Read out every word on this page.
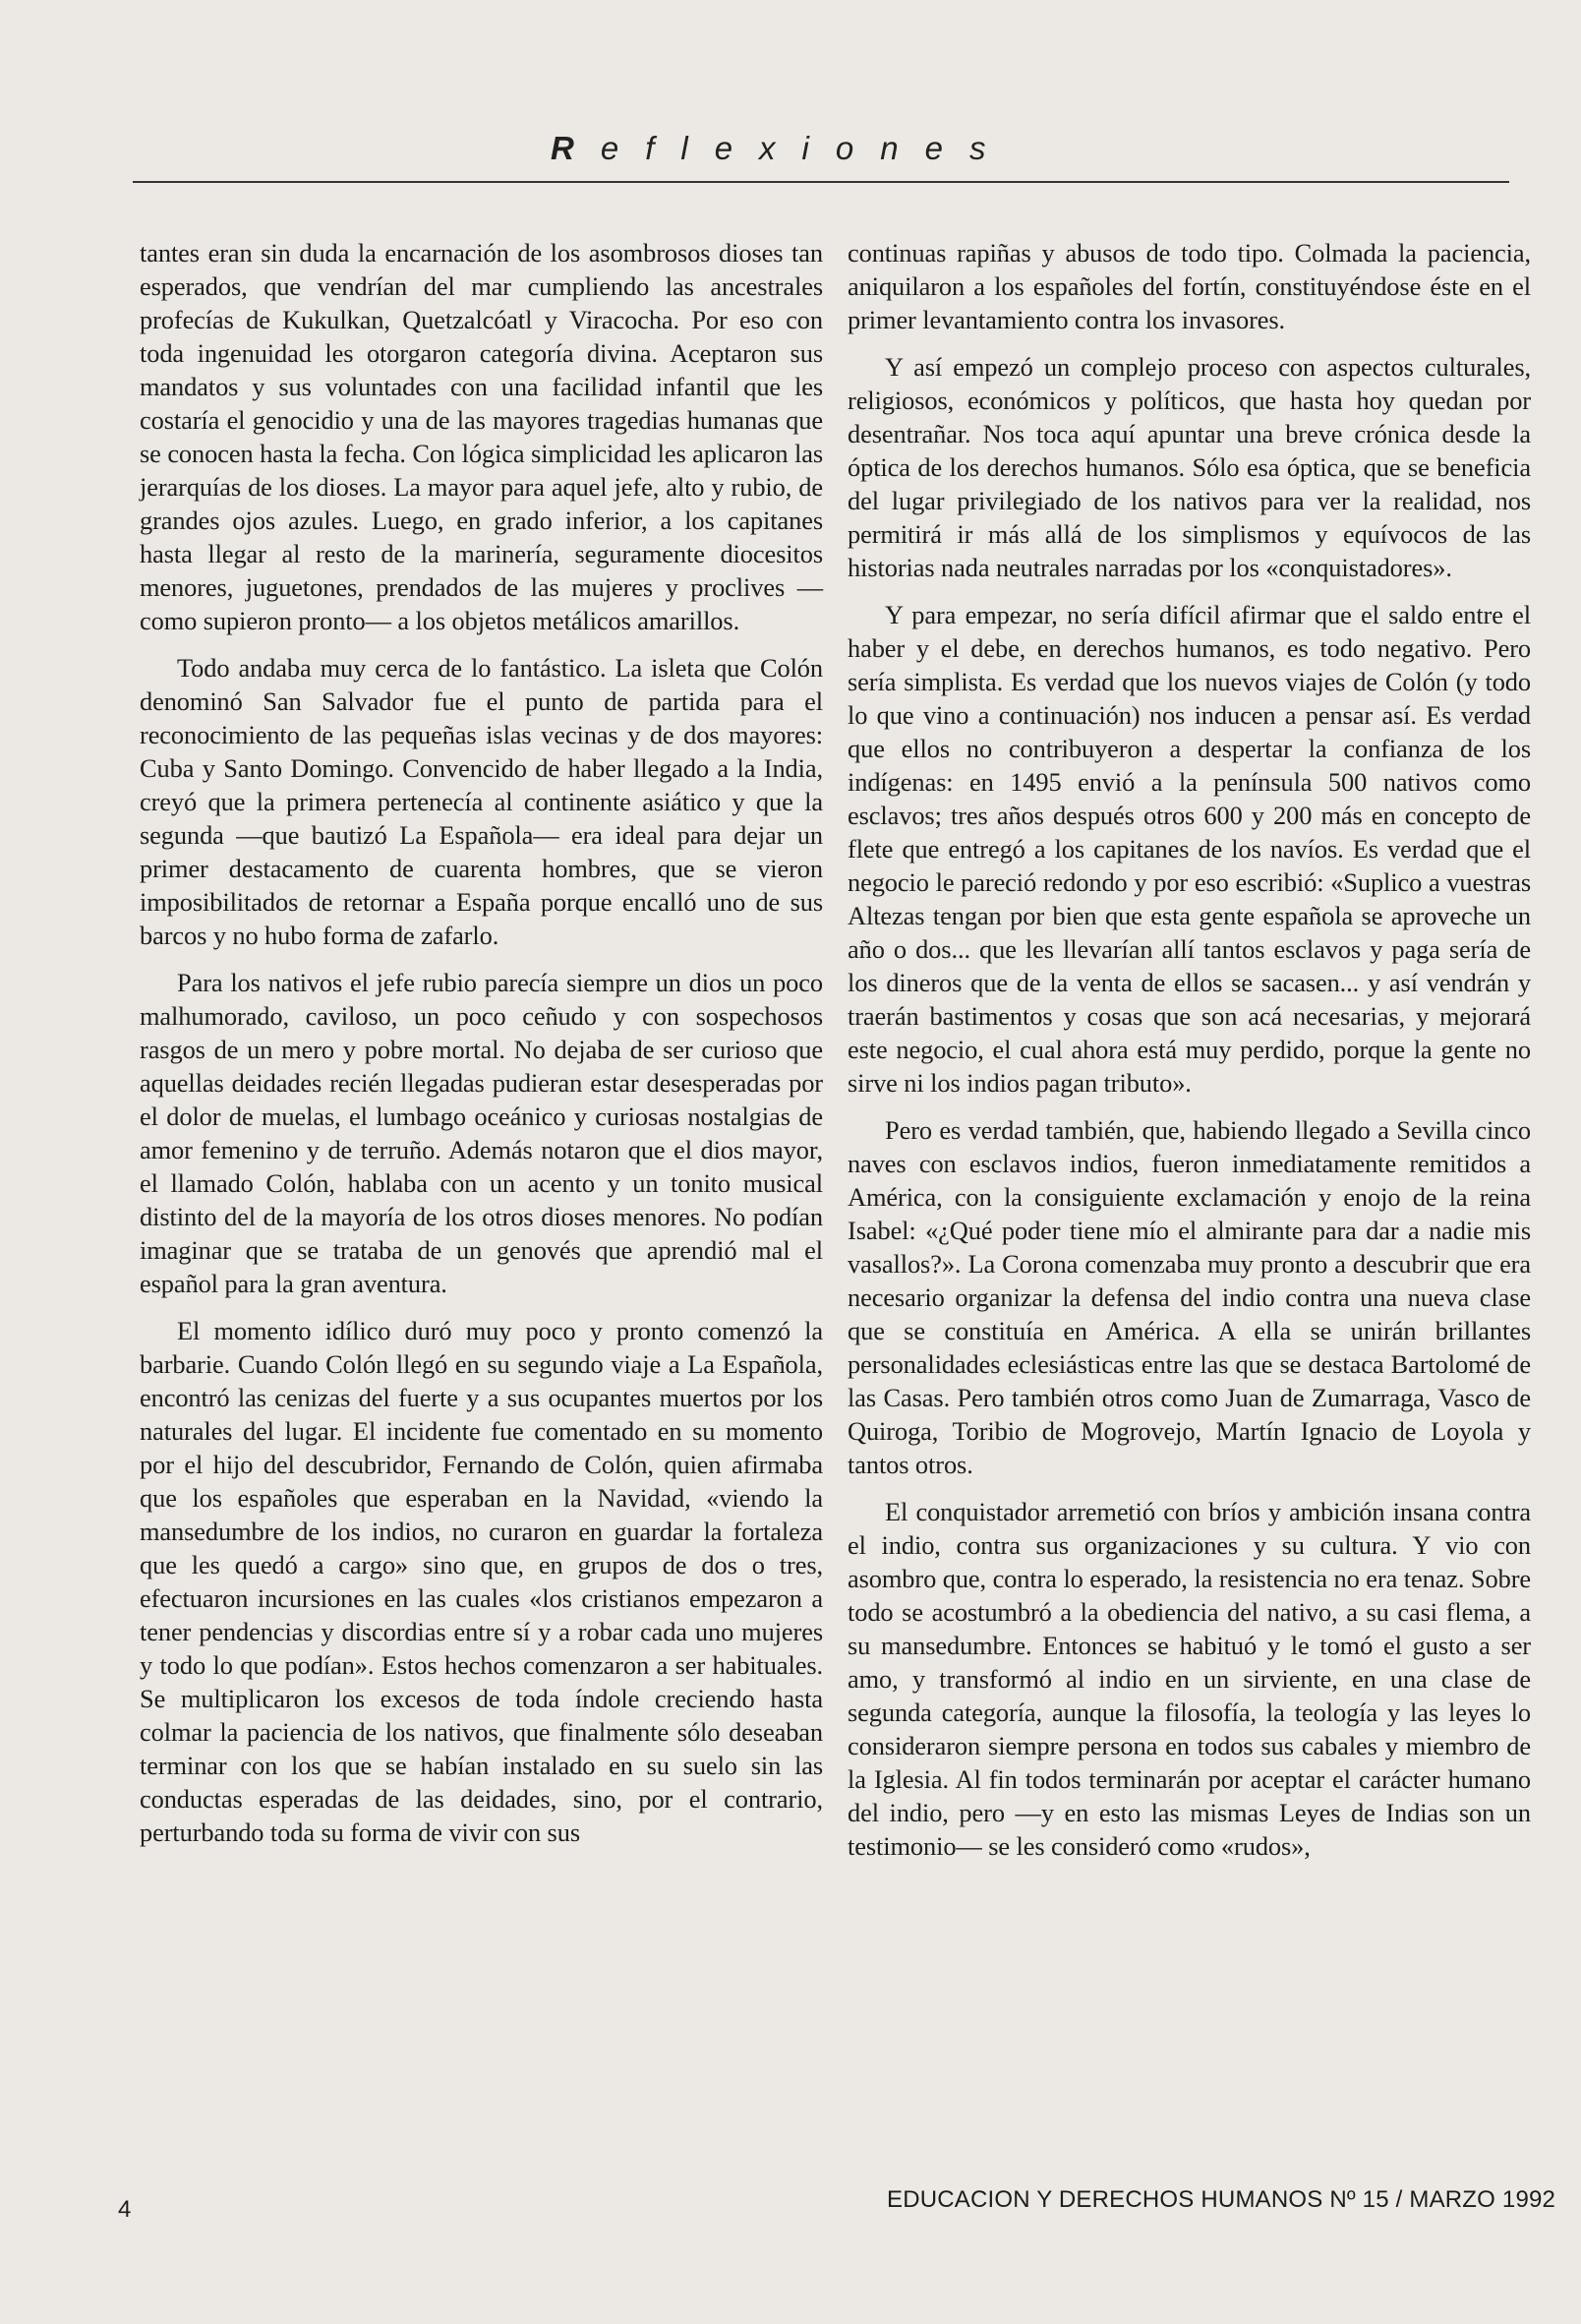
Reflexiones

tantes eran sin duda la encarnación de los asombrosos dioses tan esperados, que vendrían del mar cumpliendo las ancestrales profecías de Kukulkan, Quetzalcóatl y Viracocha. Por eso con toda ingenuidad les otorgaron categoría divina. Aceptaron sus mandatos y sus voluntades con una facilidad infantil que les costaría el genocidio y una de las mayores tragedias humanas que se conocen hasta la fecha. Con lógica simplicidad les aplicaron las jerarquías de los dioses. La mayor para aquel jefe, alto y rubio, de grandes ojos azules. Luego, en grado inferior, a los capitanes hasta llegar al resto de la marinería, seguramente diocesitos menores, juguetones, prendados de las mujeres y proclives —como supieron pronto— a los objetos metálicos amarillos.

Todo andaba muy cerca de lo fantástico. La isleta que Colón denominó San Salvador fue el punto de partida para el reconocimiento de las pequeñas islas vecinas y de dos mayores: Cuba y Santo Domingo. Convencido de haber llegado a la India, creyó que la primera pertenecía al continente asiático y que la segunda —que bautizó La Española— era ideal para dejar un primer destacamento de cuarenta hombres, que se vieron imposibilitados de retornar a España porque encalló uno de sus barcos y no hubo forma de zafarlo.

Para los nativos el jefe rubio parecía siempre un dios un poco malhumorado, caviloso, un poco ceñudo y con sospechosos rasgos de un mero y pobre mortal. No dejaba de ser curioso que aquellas deidades recién llegadas pudieran estar desesperadas por el dolor de muelas, el lumbago oceánico y curiosas nostalgias de amor femenino y de terruño. Además notaron que el dios mayor, el llamado Colón, hablaba con un acento y un tonito musical distinto del de la mayoría de los otros dioses menores. No podían imaginar que se trataba de un genovés que aprendió mal el español para la gran aventura.

El momento idílico duró muy poco y pronto comenzó la barbarie. Cuando Colón llegó en su segundo viaje a La Española, encontró las cenizas del fuerte y a sus ocupantes muertos por los naturales del lugar. El incidente fue comentado en su momento por el hijo del descubridor, Fernando de Colón, quien afirmaba que los españoles que esperaban en la Navidad, «viendo la mansedumbre de los indios, no curaron en guardar la fortaleza que les quedó a cargo» sino que, en grupos de dos o tres, efectuaron incursiones en las cuales «los cristianos empezaron a tener pendencias y discordias entre sí y a robar cada uno mujeres y todo lo que podían». Estos hechos comenzaron a ser habituales. Se multiplicaron los excesos de toda índole creciendo hasta colmar la paciencia de los nativos, que finalmente sólo deseaban terminar con los que se habían instalado en su suelo sin las conductas esperadas de las deidades, sino, por el contrario, perturbando toda su forma de vivir con sus

continuas rapiñas y abusos de todo tipo. Colmada la paciencia, aniquilaron a los españoles del fortín, constituyéndose éste en el primer levantamiento contra los invasores.

Y así empezó un complejo proceso con aspectos culturales, religiosos, económicos y políticos, que hasta hoy quedan por desentrañar. Nos toca aquí apuntar una breve crónica desde la óptica de los derechos humanos. Sólo esa óptica, que se beneficia del lugar privilegiado de los nativos para ver la realidad, nos permitirá ir más allá de los simplismos y equívocos de las historias nada neutrales narradas por los «conquistadores».

Y para empezar, no sería difícil afirmar que el saldo entre el haber y el debe, en derechos humanos, es todo negativo. Pero sería simplista. Es verdad que los nuevos viajes de Colón (y todo lo que vino a continuación) nos inducen a pensar así. Es verdad que ellos no contribuyeron a despertar la confianza de los indígenas: en 1495 envió a la península 500 nativos como esclavos; tres años después otros 600 y 200 más en concepto de flete que entregó a los capitanes de los navíos. Es verdad que el negocio le pareció redondo y por eso escribió: «Suplico a vuestras Altezas tengan por bien que esta gente española se aproveche un año o dos... que les llevarían allí tantos esclavos y paga sería de los dineros que de la venta de ellos se sacasen... y así vendrán y traerán bastimentos y cosas que son acá necesarias, y mejorará este negocio, el cual ahora está muy perdido, porque la gente no sirve ni los indios pagan tributo».

Pero es verdad también, que, habiendo llegado a Sevilla cinco naves con esclavos indios, fueron inmediatamente remitidos a América, con la consiguiente exclamación y enojo de la reina Isabel: «¿Qué poder tiene mío el almirante para dar a nadie mis vasallos?». La Corona comenzaba muy pronto a descubrir que era necesario organizar la defensa del indio contra una nueva clase que se constituía en América. A ella se unirán brillantes personalidades eclesiásticas entre las que se destaca Bartolomé de las Casas. Pero también otros como Juan de Zumarraga, Vasco de Quiroga, Toribio de Mogrovejo, Martín Ignacio de Loyola y tantos otros.

El conquistador arremetió con bríos y ambición insana contra el indio, contra sus organizaciones y su cultura. Y vio con asombro que, contra lo esperado, la resistencia no era tenaz. Sobre todo se acostumbró a la obediencia del nativo, a su casi flema, a su mansedumbre. Entonces se habituó y le tomó el gusto a ser amo, y transformó al indio en un sirviente, en una clase de segunda categoría, aunque la filosofía, la teología y las leyes lo consideraron siempre persona en todos sus cabales y miembro de la Iglesia. Al fin todos terminarán por aceptar el carácter humano del indio, pero —y en esto las mismas Leyes de Indias son un testimonio— se les consideró como «rudos»,

4	EDUCACION Y DERECHOS HUMANOS Nº 15 / MARZO 1992
